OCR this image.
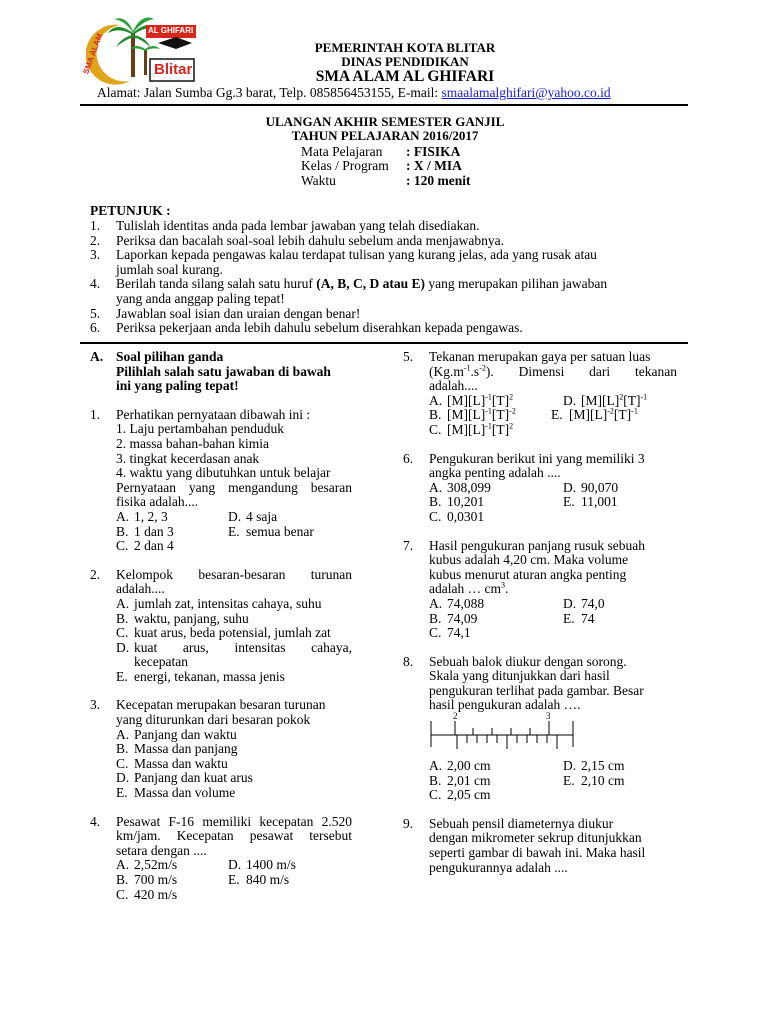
AL GHIFARI
Blitar
SMA ALAM	PEMERINTAH KOTA BLITAR
DINAS PENDIDIKAN
SMA ALAM AL GHIFARI
Alamat: Jalan Sumba Gg.3 barat, Telp. 085856453155, E-mail: smaalamalghifari@yahoo.co.id
ULANGAN AKHIR SEMESTER GANJIL
TAHUN PELAJARAN 2016/2017
Mata Pelajaran : FISIKA
Kelas / Program : X / MIA
Waktu	: 120 menit
PETUNJUK :
1.	Tulislah identitas anda pada lembar jawaban yang telah disediakan.
2.	Periksa dan bacalah soal-soal lebih dahulu sebelum anda menjawabnya.
3.	Laporkan kepada pengawas kalau terdapat tulisan yang kurang jelas, ada yang rusak atau
jumlah soal kurang.
4.	Berilah tanda silang salah satu huruf (A, B, C, D atau E) yang merupakan pilihan jawaban
yang anda anggap paling tepat!
5.	Jawablan soal isian dan uraian dengan benar!
6.	Periksa pekerjaan anda lebih dahulu sebelum diserahkan kepada pengawas.
A. Soal pilihan ganda
Pilihlah salah satu jawaban di bawah
ini yang paling tepat!
1.	Perhatikan pernyataan dibawah ini :
1. Laju pertambahan penduduk
2. massa bahan-bahan kimia
3. tingkat kecerdasan anak
4. waktu yang dibutuhkan untuk belajar
Pernyataan yang mengandung besaran
fisika adalah....
A. 1, 2, 3	D. 4 saja
B. 1 dan 3	E. semua benar
C. 2 dan 4
2.	Kelompok besaran-besaran turunan
adalah....
A. jumlah zat, intensitas cahaya, suhu
B. waktu, panjang, suhu
C. kuat arus, beda potensial, jumlah zat
D. kuat arus, intensitas cahaya,
kecepatan
E. energi, tekanan, massa jenis
3.	Kecepatan merupakan besaran turunan
yang diturunkan dari besaran pokok
A. Panjang dan waktu
B. Massa dan panjang
C. Massa dan waktu
D. Panjang dan kuat arus
E. Massa dan volume
4.	Pesawat F-16 memiliki kecepatan 2.520
km/jam. Kecepatan pesawat tersebut
setara dengan ....
A. 2,52m/s	D. 1400 m/s
B. 700 m/s	E. 840 m/s
C. 420 m/s
5.	Tekanan merupakan gaya per satuan luas
$(Kg.m^{-1}.s^{-2})$. Dimensi dari tekanan
adalah....
A. $[M][L]^{-1}[T]^2$	D. $[M][L]^2[T]^{-1}$
B. $[M][L]^{-1}[T]^{-2}$	E. $[M][L]^{-2}[T]^{-1}$
C. $[M][L]^{-1}[T]^2$
6.	Pengukuran berikut ini yang memiliki 3
angka penting adalah ....
A. 308,099	D. 90,070
B. 10,201	E. 11,001
C. 0,0301
7.	Hasil pengukuran panjang rusuk sebuah
kubus adalah 4,20 cm. Maka volume
kubus menurut aturan angka penting
adalah … $cm^3$.
A. 74,088	D. 74,0
B. 74,09	E. 74
C. 74,1
8.	Sebuah balok diukur dengan sorong.
Skala yang ditunjukkan dari hasil
pengukuran terlihat pada gambar. Besar
hasil pengukuran adalah ….
2	3
A. 2,00 cm	D. 2,15 cm
B. 2,01 cm	E. 2,10 cm
C. 2,05 cm
9.	Sebuah pensil diameternya diukur
dengan mikrometer sekrup ditunjukkan
seperti gambar di bawah ini. Maka hasil
pengukurannya adalah ....
